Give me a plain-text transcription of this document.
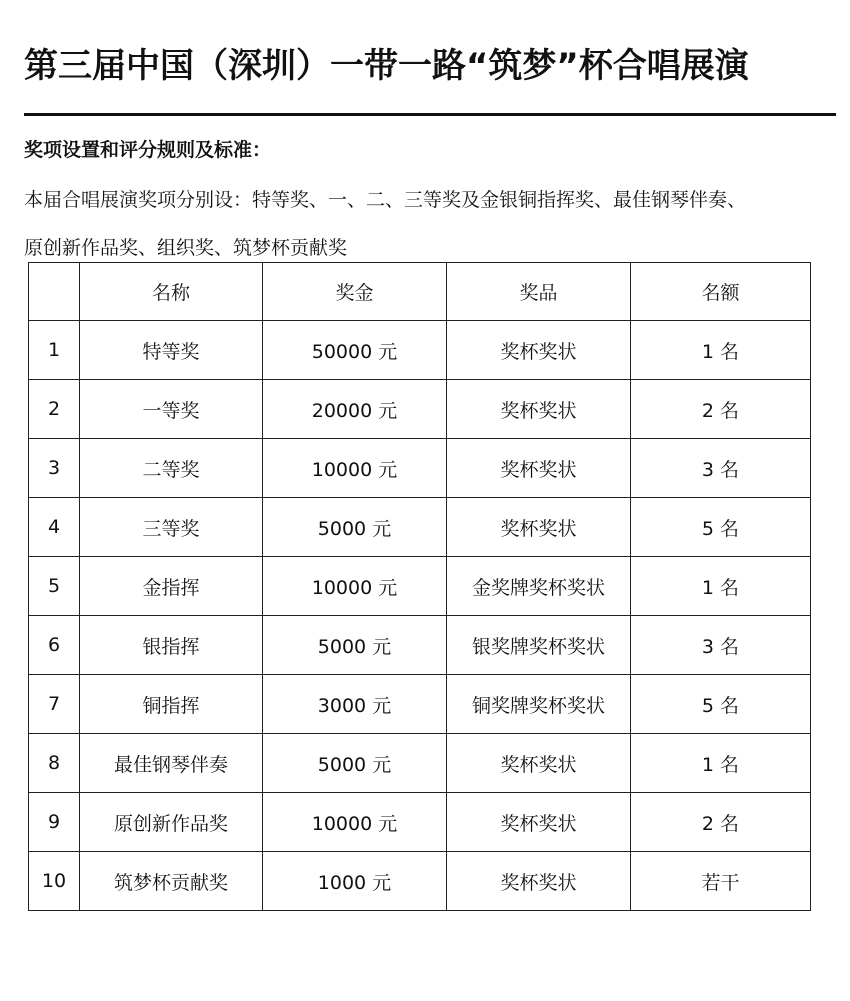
第三届中国（深圳）一带一路“筑梦”杯合唱展演
奖项设置和评分规则及标准：
本届合唱展演奖项分别设：特等奖、一、二、三等奖及金银铜指挥奖、最佳钢琴伴奏、
原创新作品奖、组织奖、筑梦杯贡献奖
	名称	奖金	奖品	名额
1	特等奖	50000 元	奖杯奖状	1 名
2	一等奖	20000 元	奖杯奖状	2 名
3	二等奖	10000 元	奖杯奖状	3 名
4	三等奖	5000 元	奖杯奖状	5 名
5	金指挥	10000 元	金奖牌奖杯奖状	1 名
6	银指挥	5000 元	银奖牌奖杯奖状	3 名
7	铜指挥	3000 元	铜奖牌奖杯奖状	5 名
8	最佳钢琴伴奏	5000 元	奖杯奖状	1 名
9	原创新作品奖	10000 元	奖杯奖状	2 名
10	筑梦杯贡献奖	1000 元	奖杯奖状	若干
